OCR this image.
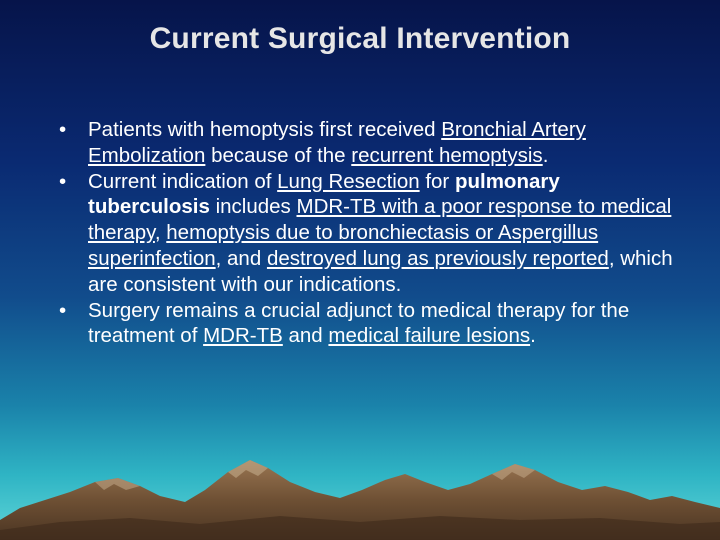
Current Surgical Intervention
• Patients with hemoptysis first received Bronchial Artery Embolization because of the recurrent hemoptysis.
• Current indication of Lung Resection for pulmonary tuberculosis includes MDR-TB with a poor response to medical therapy, hemoptysis due to bronchiectasis or Aspergillus superinfection, and destroyed lung as previously reported, which are consistent with our indications.
• Surgery remains a crucial adjunct to medical therapy for the treatment of MDR-TB and medical failure lesions.
